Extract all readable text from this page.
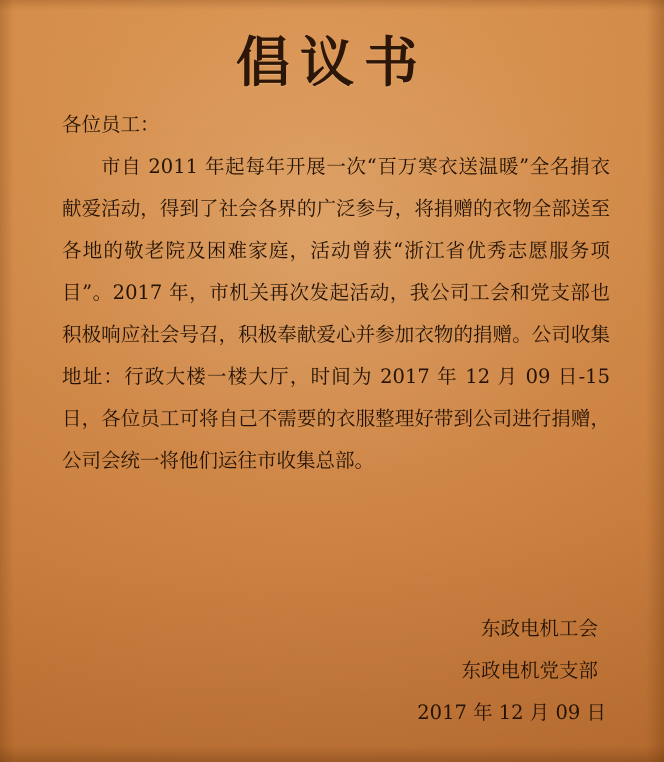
倡议书

各位员工：

市自 2011 年起每年开展一次“百万寒衣送温暖”全名捐衣献爱活动，得到了社会各界的广泛参与，将捐赠的衣物全部送至各地的敬老院及困难家庭，活动曾获“浙江省优秀志愿服务项目”。2017 年，市机关再次发起活动，我公司工会和党支部也积极响应社会号召，积极奉献爱心并参加衣物的捐赠。公司收集地址：行政大楼一楼大厅，时间为 2017 年 12 月 09 日-15 日，各位员工可将自己不需要的衣服整理好带到公司进行捐赠，公司会统一将他们运往市收集总部。

东政电机工会
东政电机党支部
2017 年 12 月 09 日
